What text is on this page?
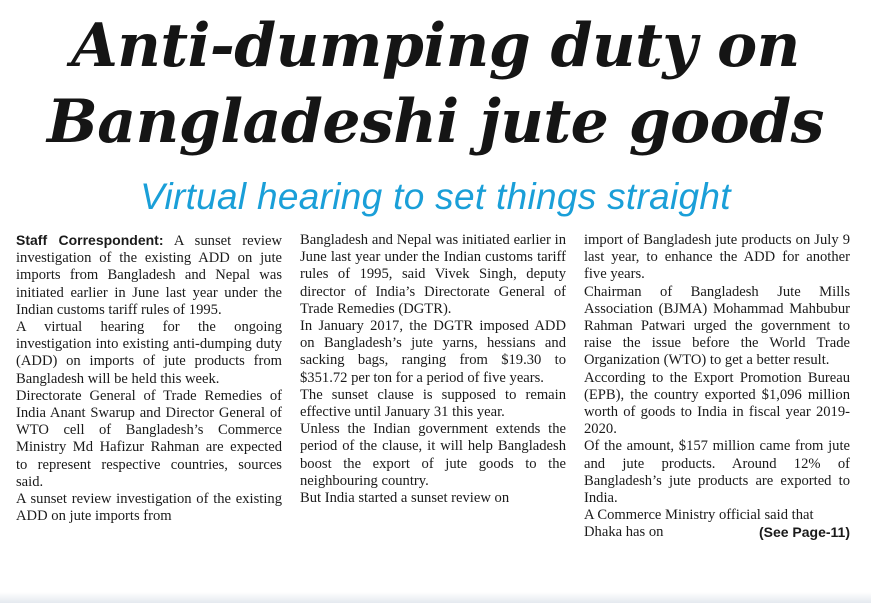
Anti-dumping duty on
Bangladeshi jute goods
Virtual hearing to set things straight

Staff Correspondent: A sunset review investigation of the existing ADD on jute imports from Bangladesh and Nepal was initiated earlier in June last year under the Indian customs tariff rules of 1995.

A virtual hearing for the ongoing investigation into existing anti-dumping duty (ADD) on imports of jute products from Bangladesh will be held this week.

Directorate General of Trade Remedies of India Anant Swarup and Director General of WTO cell of Bangladesh’s Commerce Ministry Md Hafizur Rahman are expected to represent respective countries, sources said.

A sunset review investigation of the existing ADD on jute imports from

Bangladesh and Nepal was initiated earlier in June last year under the Indian customs tariff rules of 1995, said Vivek Singh, deputy director of India’s Directorate General of Trade Remedies (DGTR).

In January 2017, the DGTR imposed ADD on Bangladesh’s jute yarns, hessians and sacking bags, ranging from $19.30 to $351.72 per ton for a period of five years.

The sunset clause is supposed to remain effective until January 31 this year.

Unless the Indian government extends the period of the clause, it will help Bangladesh boost the export of jute goods to the neighbouring country.

But India started a sunset review on

import of Bangladesh jute products on July 9 last year, to enhance the ADD for another five years.

Chairman of Bangladesh Jute Mills Association (BJMA) Mohammad Mahbubur Rahman Patwari urged the government to raise the issue before the World Trade Organization (WTO) to get a better result.

According to the Export Promotion Bureau (EPB), the country exported $1,096 million worth of goods to India in fiscal year 2019-2020.

Of the amount, $157 million came from jute and jute products. Around 12% of Bangladesh’s jute products are exported to India.

A Commerce Ministry official said that

Dhaka has on	(See Page-11)
